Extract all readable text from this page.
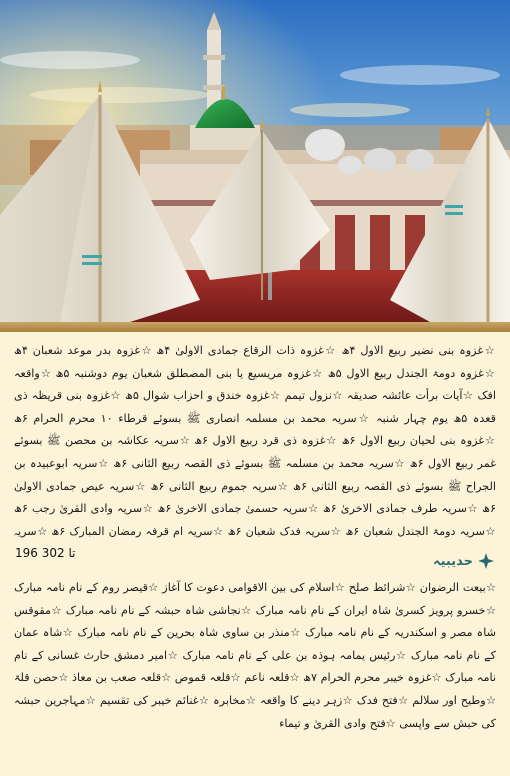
☆غزوہ بنی نضیر ربیع الاول ۴ھ ☆غزوہ ذات الرقاع جمادی الاولیٰ ۴ھ ☆غزوہ بدر موعد شعبان ۴ھ ☆غزوہ دومۃ الجندل ربیع الاول ۵ھ ☆غزوہ مریسیع یا بنی المصطلق شعبان یوم دوشنبہ ۵ھ ☆واقعہ افک ☆آیات برأت عائشہ صدیقہ ☆نزول تیمم ☆غزوہ خندق و احزاب شوال ۵ھ ☆غزوہ بنی قریظہ ذی قعدہ ۵ھ یوم چہار شنبہ ☆سریہ محمد بن مسلمہ انصاری ﷺ بسوئے قرطاء ۱۰ محرم الحرام ۶ھ ☆غزوہ بنی لحیان ربیع الاول ۶ھ ☆غزوہ ذی قرد ربیع الاول ۶ھ ☆سریہ عکاشہ بن محصن ﷺ بسوئے غمر ربیع الاول ۶ھ ☆سریہ محمد بن مسلمہ ﷺ بسوئے ذی القصہ ربیع الثانی ۶ھ ☆سریہ ابوعبیدہ بن الجراح ﷺ بسوئے ذی القصہ ربیع الثانی ۶ھ ☆سریہ جموم ربیع الثانی ۶ھ ☆سریہ عیص جمادی الاولیٰ ۶ھ ☆سریہ طرف جمادی الاخریٰ ۶ھ ☆سریہ حسمیٰ جمادی الاخریٰ ۶ھ ☆سریہ وادی القریٰ رجب ۶ھ ☆سریہ دومۃ الجندل شعبان ۶ھ ☆سریہ فدک شعبان ۶ھ ☆سریہ ام قرفہ رمضان المبارک ۶ھ ☆سریہ
196 تا 302
حدیبیہ
☆بیعت الرضوان ☆شرائط صلح ☆اسلام کی بین الاقوامی دعوت کا آغاز ☆قیصر روم کے نام نامہ مبارک ☆خسرو پرویز کسریٰ شاہ ایران کے نام نامہ مبارک ☆نجاشی شاہ حبشہ کے نام نامہ مبارک ☆مقوقس شاہ مصر و اسکندریہ کے نام نامہ مبارک ☆منذر بن ساوی شاہ بحرین کے نام نامہ مبارک ☆شاہ عمان کے نام نامہ مبارک ☆رئیس یمامہ ہوذہ بن علی کے نام نامہ مبارک ☆امیر دمشق حارث غسانی کے نام نامہ مبارک ☆غزوہ خیبر محرم الحرام ۷ھ ☆قلعہ ناعم ☆قلعہ قموص ☆قلعہ صعب بن معاذ ☆حصن قلۃ ☆وطیح اور سلالم ☆فتح فدک ☆زہر دینے کا واقعہ ☆مخابرہ ☆غنائم خیبر کی تقسیم ☆مہاجرین حبشہ کی حبش سے واپسی ☆فتح وادی القریٰ و تیماء
